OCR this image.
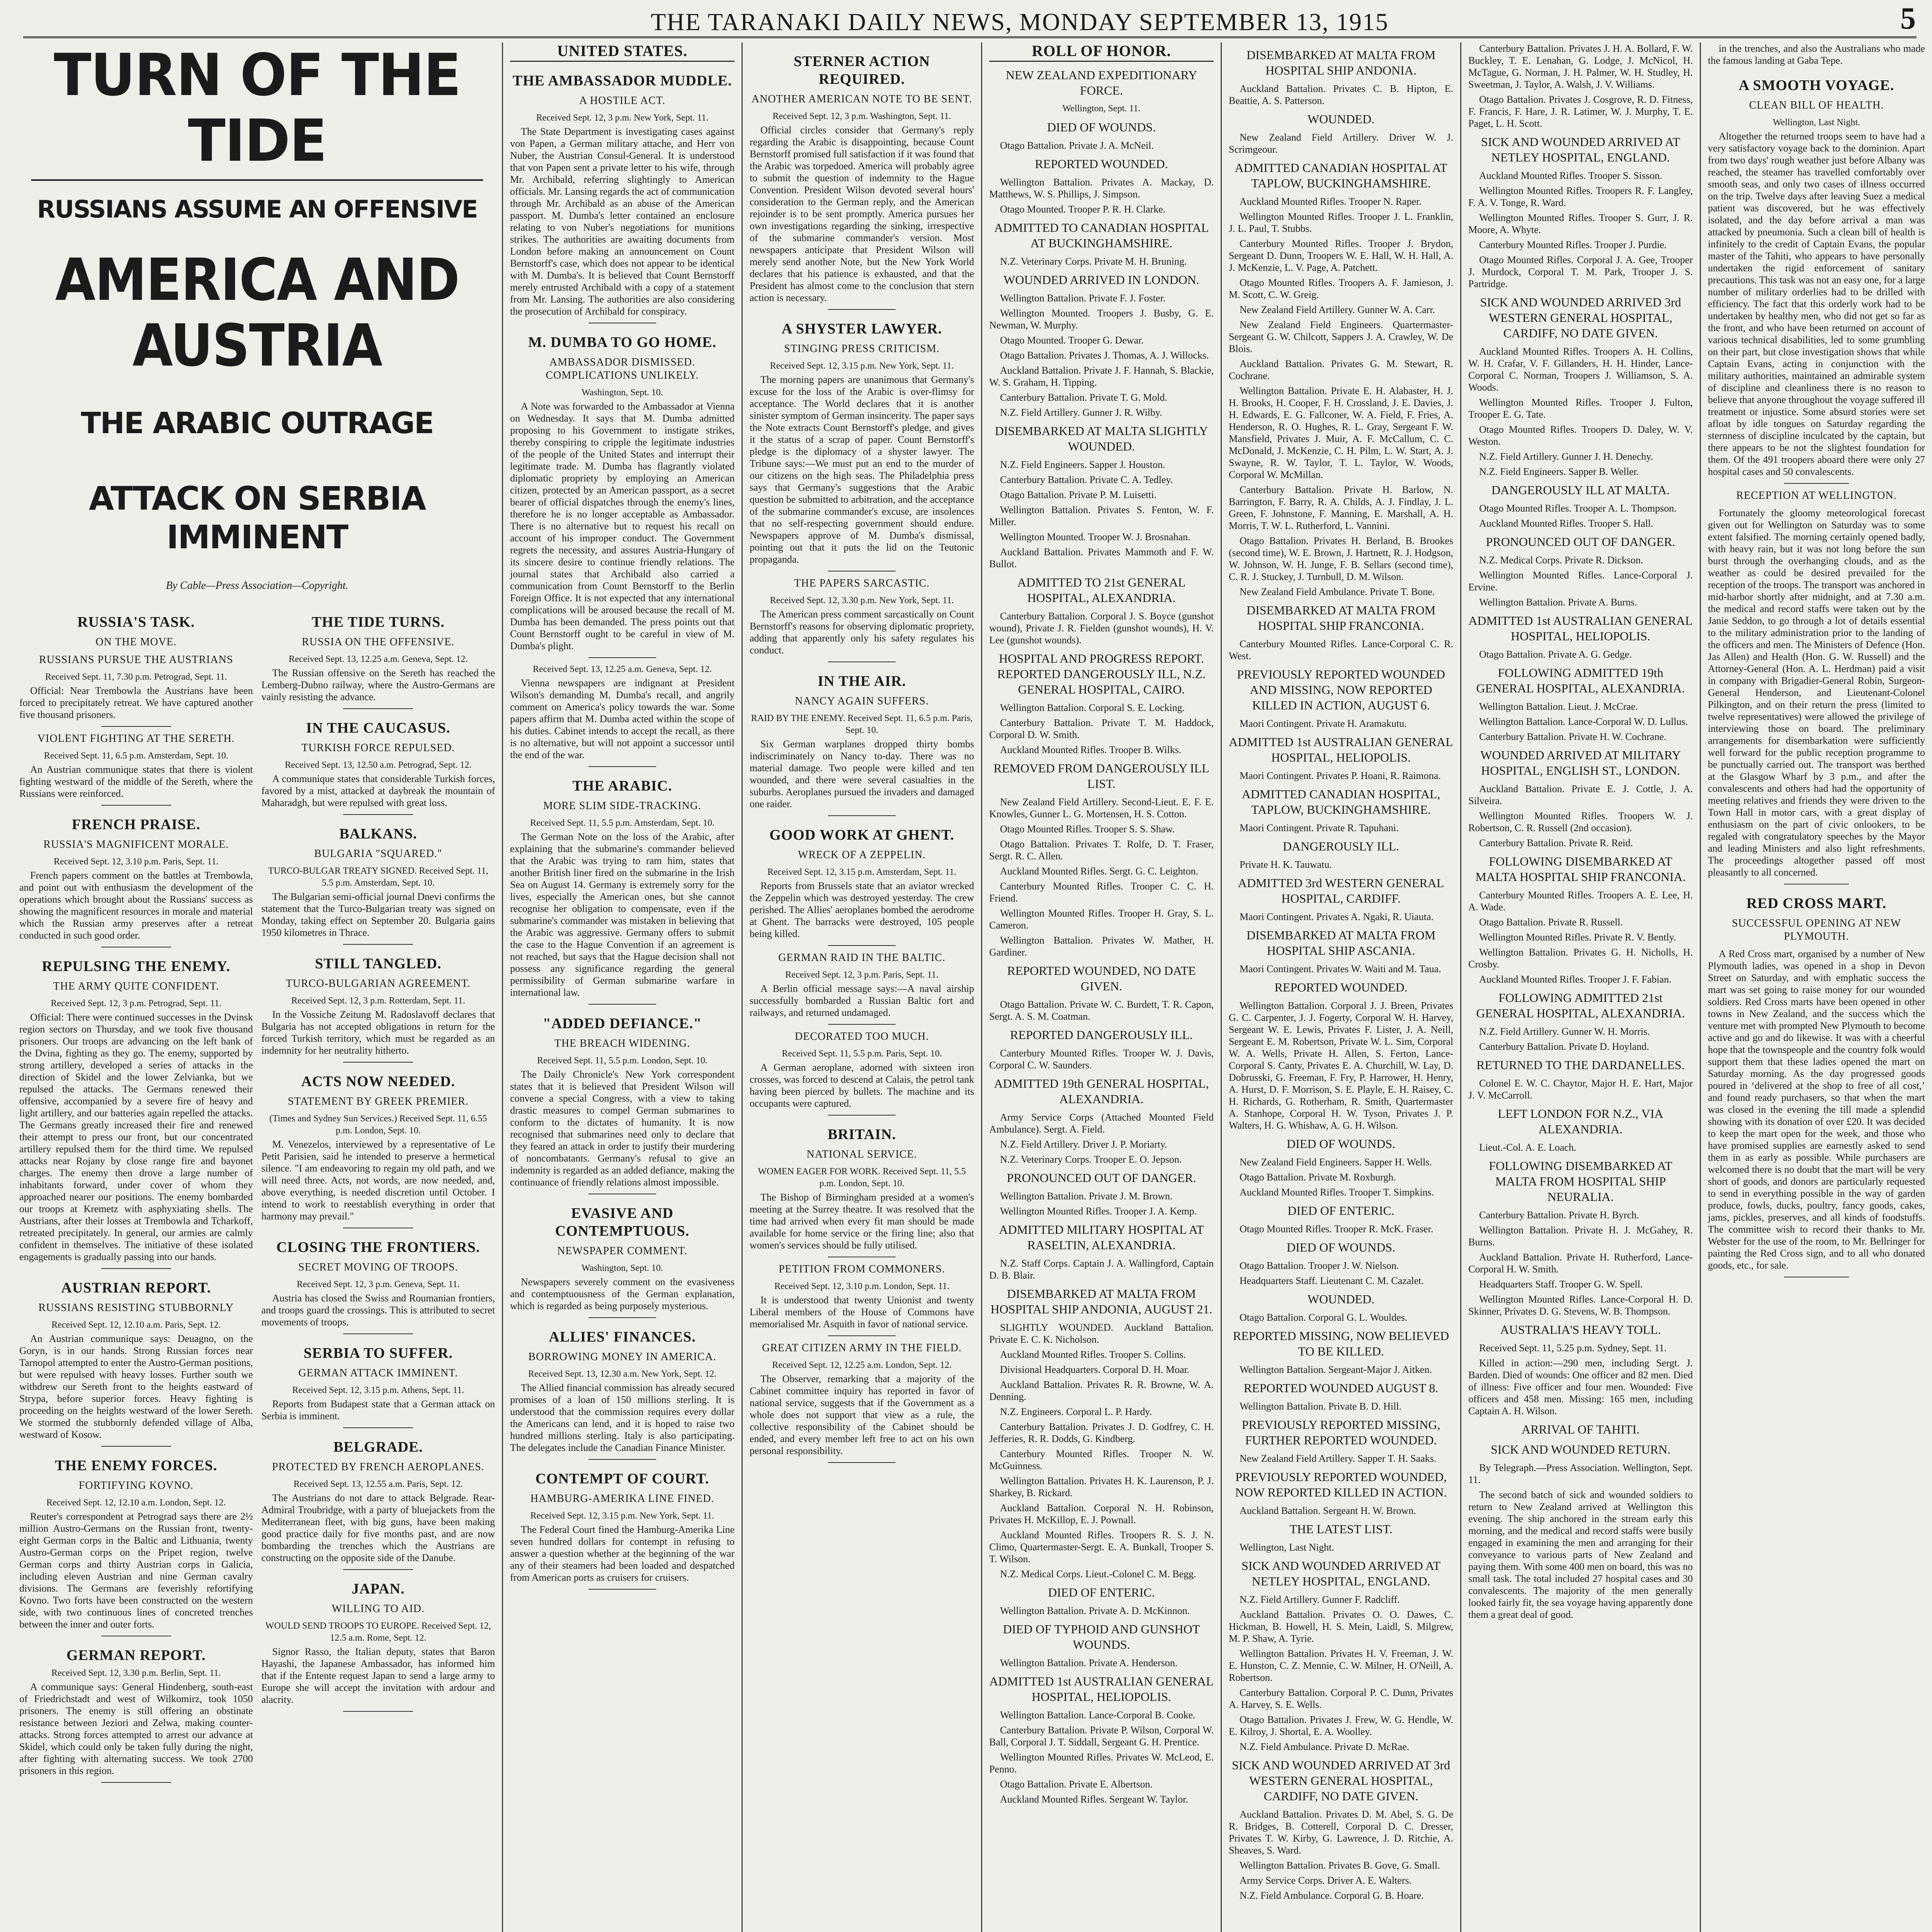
THE TARANAKI DAILY NEWS, MONDAY SEPTEMBER 13, 1915	5
TURN OF THE TIDE
RUSSIANS ASSUME AN OFFENSIVE
AMERICA AND AUSTRIA
THE ARABIC OUTRAGE
ATTACK ON SERBIA IMMINENT
By Cable—Press Association—Copyright.
RUSSIA'S TASK.
ON THE MOVE.
RUSSIANS PURSUE THE AUSTRIANS
Received Sept. 11, 7.30 p.m. Petrograd, Sept. 11.

Official: Near Trembowla the Austrians have been forced to precipitately retreat. We have captured another five thousand prisoners.

VIOLENT FIGHTING AT THE SERETH.
Received Sept. 11, 6.5 p.m. Amsterdam, Sept. 10.

An Austrian communique states that there is violent fighting westward of the middle of the Sereth, where the Russians were reinforced.

FRENCH PRAISE.
RUSSIA'S MAGNIFICENT MORALE.
Received Sept. 12, 3.10 p.m. Paris, Sept. 11.

French papers comment on the battles at Trembowla, and point out with enthusiasm the development of the operations which brought about the Russians' success as showing the magnificent resources in morale and material which the Russian army preserves after a retreat conducted in such good order.

REPULSING THE ENEMY.
THE ARMY QUITE CONFIDENT.
Received Sept. 12, 3 p.m. Petrograd, Sept. 11.

Official: There were continued successes in the Dvinsk region sectors on Thursday, and we took five thousand prisoners. Our troops are advancing on the left bank of the Dvina, fighting as they go. The enemy, supported by strong artillery, developed a series of attacks in the direction of Skidel and the lower Zelvianka, but we repulsed the attacks. The Germans renewed their offensive, accompanied by a severe fire of heavy and light artillery, and our batteries again repelled the attacks. The Germans greatly increased their fire and renewed their attempt to press our front, but our concentrated artillery repulsed them for the third time. We repulsed attacks near Rojany by close range fire and bayonet charges. The enemy then drove a large number of inhabitants forward, under cover of whom they approached nearer our positions. The enemy bombarded our troops at Kremetz with asphyxiating shells. The Austrians, after their losses at Trembowla and Tcharkoff, retreated precipitately. In general, our armies are calmly confident in themselves. The initiative of these isolated engagements is gradually passing into our hands.

AUSTRIAN REPORT.
RUSSIANS RESISTING STUBBORNLY
Received Sept. 12, 12.10 a.m. Paris, Sept. 12.

An Austrian communique says: Deuagno, on the Goryn, is in our hands. Strong Russian forces near Tarnopol attempted to enter the Austro-German positions, but were repulsed with heavy losses. Further south we withdrew our Sereth front to the heights eastward of Strypa, before superior forces. Heavy fighting is proceeding on the heights westward of the lower Sereth. We stormed the stubbornly defended village of Alba, westward of Kosow.

THE ENEMY FORCES.
FORTIFYING KOVNO.
Received Sept. 12, 12.10 a.m. London, Sept. 12.

Reuter's correspondent at Petrograd says there are 2½ million Austro-Germans on the Russian front, twenty-eight German corps in the Baltic and Lithuania, twenty Austro-German corps on the Pripet region, twelve German corps and thirty Austrian corps in Galicia, including eleven Austrian and nine German cavalry divisions. The Germans are feverishly refortifying Kovno. Two forts have been constructed on the western side, with two continuous lines of concreted trenches between the inner and outer forts.

GERMAN REPORT.
Received Sept. 12, 3.30 p.m. Berlin, Sept. 11.

A communique says: General Hindenberg, south-east of Friedrichstadt and west of Wilkomirz, took 1050 prisoners. The enemy is still offering an obstinate resistance between Jeziori and Zelwa, making counter-attacks. Strong forces attempted to arrest our advance at Skidel, which could only be taken fully during the night, after fighting with alternating success. We took 2700 prisoners in this region.

THE TIDE TURNS.
RUSSIA ON THE OFFENSIVE.
Received Sept. 13, 12.25 a.m. Geneva, Sept. 12.

The Russian offensive on the Sereth has reached the Lemberg-Dubno railway, where the Austro-Germans are vainly resisting the advance.

IN THE CAUCASUS.
TURKISH FORCE REPULSED.
Received Sept. 13, 12.50 a.m. Petrograd, Sept. 12.

A communique states that considerable Turkish forces, favored by a mist, attacked at daybreak the mountain of Maharadgh, but were repulsed with great loss.

BALKANS.
BULGARIA "SQUARED."
TURCO-BULGAR TREATY SIGNED. Received Sept. 11, 5.5 p.m. Amsterdam, Sept. 10.

The Bulgarian semi-official journal Dnevi confirms the statement that the Turco-Bulgarian treaty was signed on Monday, taking effect on September 20. Bulgaria gains 1950 kilometres in Thrace.

STILL TANGLED.
TURCO-BULGARIAN AGREEMENT.
Received Sept. 12, 3 p.m. Rotterdam, Sept. 11.

In the Vossiche Zeitung M. Radoslavoff declares that Bulgaria has not accepted obligations in return for the forced Turkish territory, which must be regarded as an indemnity for her neutrality hitherto.

ACTS NOW NEEDED.
STATEMENT BY GREEK PREMIER.
(Times and Sydney Sun Services.) Received Sept. 11, 6.55 p.m. London, Sept. 10.

M. Venezelos, interviewed by a representative of Le Petit Parisien, said he intended to preserve a hermetical silence. "I am endeavoring to regain my old path, and we will need three. Acts, not words, are now needed, and, above everything, is needed discretion until October. I intend to work to reestablish everything in order that harmony may prevail."

CLOSING THE FRONTIERS.
SECRET MOVING OF TROOPS.
Received Sept. 12, 3 p.m. Geneva, Sept. 11.

Austria has closed the Swiss and Roumanian frontiers, and troops guard the crossings. This is attributed to secret movements of troops.

SERBIA TO SUFFER.
GERMAN ATTACK IMMINENT.
Received Sept. 12, 3.15 p.m. Athens, Sept. 11.

Reports from Budapest state that a German attack on Serbia is imminent.

BELGRADE.
PROTECTED BY FRENCH AEROPLANES.
Received Sept. 13, 12.55 a.m. Paris, Sept. 12.

The Austrians do not dare to attack Belgrade. Rear-Admiral Troubridge, with a party of bluejackets from the Mediterranean fleet, with big guns, have been making good practice daily for five months past, and are now bombarding the trenches which the Austrians are constructing on the opposite side of the Danube.

JAPAN.
WILLING TO AID.
WOULD SEND TROOPS TO EUROPE. Received Sept. 12, 12.5 a.m. Rome, Sept. 12.

Signor Rasso, the Italian deputy, states that Baron Hayashi, the Japanese Ambassador, has informed him that if the Entente request Japan to send a large army to Europe she will accept the invitation with ardour and alacrity.

UNITED STATES.
THE AMBASSADOR MUDDLE.
A HOSTILE ACT.
Received Sept. 12, 3 p.m. New York, Sept. 11.

The State Department is investigating cases against von Papen, a German military attache, and Herr von Nuber, the Austrian Consul-General. It is understood that von Papen sent a private letter to his wife, through Mr. Archibald, referring slightingly to American officials. Mr. Lansing regards the act of communication through Mr. Archibald as an abuse of the American passport. M. Dumba's letter contained an enclosure relating to von Nuber's negotiations for munitions strikes. The authorities are awaiting documents from London before making an announcement on Count Bernstorff's case, which does not appear to be identical with M. Dumba's. It is believed that Count Bernstorff merely entrusted Archibald with a copy of a statement from Mr. Lansing. The authorities are also considering the prosecution of Archibald for conspiracy.

M. DUMBA TO GO HOME.
AMBASSADOR DISMISSED. COMPLICATIONS UNLIKELY.
Washington, Sept. 10.

A Note was forwarded to the Ambassador at Vienna on Wednesday. It says that M. Dumba admitted proposing to his Government to instigate strikes, thereby conspiring to cripple the legitimate industries of the people of the United States and interrupt their legitimate trade. M. Dumba has flagrantly violated diplomatic propriety by employing an American citizen, protected by an American passport, as a secret bearer of official dispatches through the enemy's lines, therefore he is no longer acceptable as Ambassador. There is no alternative but to request his recall on account of his improper conduct. The Government regrets the necessity, and assures Austria-Hungary of its sincere desire to continue friendly relations. The journal states that Archibald also carried a communication from Count Bernstorff to the Berlin Foreign Office. It is not expected that any international complications will be aroused because the recall of M. Dumba has been demanded. The press points out that Count Bernstorff ought to be careful in view of M. Dumba's plight.

Received Sept. 13, 12.25 a.m. Geneva, Sept. 12.

Vienna newspapers are indignant at President Wilson's demanding M. Dumba's recall, and angrily comment on America's policy towards the war. Some papers affirm that M. Dumba acted within the scope of his duties. Cabinet intends to accept the recall, as there is no alternative, but will not appoint a successor until the end of the war.

THE ARABIC.
MORE SLIM SIDE-TRACKING.
Received Sept. 11, 5.5 p.m. Amsterdam, Sept. 10.

The German Note on the loss of the Arabic, after explaining that the submarine's commander believed that the Arabic was trying to ram him, states that another British liner fired on the submarine in the Irish Sea on August 14. Germany is extremely sorry for the lives, especially the American ones, but she cannot recognise her obligation to compensate, even if the submarine's commander was mistaken in believing that the Arabic was aggressive. Germany offers to submit the case to the Hague Convention if an agreement is not reached, but says that the Hague decision shall not possess any significance regarding the general permissibility of German submarine warfare in international law.

"ADDED DEFIANCE."
THE BREACH WIDENING.
Received Sept. 11, 5.5 p.m. London, Sept. 10.

The Daily Chronicle's New York correspondent states that it is believed that President Wilson will convene a special Congress, with a view to taking drastic measures to compel German submarines to conform to the dictates of humanity. It is now recognised that submarines need only to declare that they feared an attack in order to justify their murdering of noncombatants. Germany's refusal to give an indemnity is regarded as an added defiance, making the continuance of friendly relations almost impossible.

EVASIVE AND CONTEMPTUOUS.
NEWSPAPER COMMENT.
Washington, Sept. 10.

Newspapers severely comment on the evasiveness and contemptuousness of the German explanation, which is regarded as being purposely mysterious.

ALLIES' FINANCES.
BORROWING MONEY IN AMERICA.
Received Sept. 13, 12.30 a.m. New York, Sept. 12.

The Allied financial commission has already secured promises of a loan of 150 millions sterling. It is understood that the commission requires every dollar the Americans can lend, and it is hoped to raise two hundred millions sterling. Italy is also participating. The delegates include the Canadian Finance Minister.

CONTEMPT OF COURT.
HAMBURG-AMERIKA LINE FINED.
Received Sept. 12, 3.15 p.m. New York, Sept. 11.

The Federal Court fined the Hamburg-Amerika Line seven hundred dollars for contempt in refusing to answer a question whether at the beginning of the war any of their steamers had been loaded and despatched from American ports as cruisers for cruisers.

STERNER ACTION REQUIRED.
ANOTHER AMERICAN NOTE TO BE SENT.
Received Sept. 12, 3 p.m. Washington, Sept. 11.

Official circles consider that Germany's reply regarding the Arabic is disappointing, because Count Bernstorff promised full satisfaction if it was found that the Arabic was torpedoed. America will probably agree to submit the question of indemnity to the Hague Convention. President Wilson devoted several hours' consideration to the German reply, and the American rejoinder is to be sent promptly. America pursues her own investigations regarding the sinking, irrespective of the submarine commander's version. Most newspapers anticipate that President Wilson will merely send another Note, but the New York World declares that his patience is exhausted, and that the President has almost come to the conclusion that stern action is necessary.

A SHYSTER LAWYER.
STINGING PRESS CRITICISM.
Received Sept. 12, 3.15 p.m. New York, Sept. 11.

The morning papers are unanimous that Germany's excuse for the loss of the Arabic is over-flimsy for acceptance. The World declares that it is another sinister symptom of German insincerity. The paper says the Note extracts Count Bernstorff's pledge, and gives it the status of a scrap of paper. Count Bernstorff's pledge is the diplomacy of a shyster lawyer. The Tribune says:—We must put an end to the murder of our citizens on the high seas. The Philadelphia press says that Germany's suggestions that the Arabic question be submitted to arbitration, and the acceptance of the submarine commander's excuse, are insolences that no self-respecting government should endure. Newspapers approve of M. Dumba's dismissal, pointing out that it puts the lid on the Teutonic propaganda.

THE PAPERS SARCASTIC.
Received Sept. 12, 3.30 p.m. New York, Sept. 11.

The American press comment sarcastically on Count Bernstorff's reasons for observing diplomatic propriety, adding that apparently only his safety regulates his conduct.

IN THE AIR.
NANCY AGAIN SUFFERS.
RAID BY THE ENEMY. Received Sept. 11, 6.5 p.m. Paris, Sept. 10.

Six German warplanes dropped thirty bombs indiscriminately on Nancy to-day. There was no material damage. Two people were killed and ten wounded, and there were several casualties in the suburbs. Aeroplanes pursued the invaders and damaged one raider.

GOOD WORK AT GHENT.
WRECK OF A ZEPPELIN.
Received Sept. 12, 3.15 p.m. Amsterdam, Sept. 11.

Reports from Brussels state that an aviator wrecked the Zeppelin which was destroyed yesterday. The crew perished. The Allies' aeroplanes bombed the aerodrome at Ghent. The barracks were destroyed, 105 people being killed.

GERMAN RAID IN THE BALTIC.
Received Sept. 12, 3 p.m. Paris, Sept. 11.

A Berlin official message says:—A naval airship successfully bombarded a Russian Baltic fort and railways, and returned undamaged.

DECORATED TOO MUCH.
Received Sept. 11, 5.5 p.m. Paris, Sept. 10.

A German aeroplane, adorned with sixteen iron crosses, was forced to descend at Calais, the petrol tank having been pierced by bullets. The machine and its occupants were captured.

BRITAIN.
NATIONAL SERVICE.
WOMEN EAGER FOR WORK. Received Sept. 11, 5.5 p.m. London, Sept. 10.

The Bishop of Birmingham presided at a women's meeting at the Surrey theatre. It was resolved that the time had arrived when every fit man should be made available for home service or the firing line; also that women's services should be fully utilised.

PETITION FROM COMMONERS.
Received Sept. 12, 3.10 p.m. London, Sept. 11.

It is understood that twenty Unionist and twenty Liberal members of the House of Commons have memorialised Mr. Asquith in favor of national service.

GREAT CITIZEN ARMY IN THE FIELD.
Received Sept. 12, 12.25 a.m. London, Sept. 12.

The Observer, remarking that a majority of the Cabinet committee inquiry has reported in favor of national service, suggests that if the Government as a whole does not support that view as a rule, the collective responsibility of the Cabinet should be ended, and every member left free to act on his own personal responsibility.

ROLL OF HONOR.
NEW ZEALAND EXPEDITIONARY FORCE.
Wellington, Sept. 11.
DIED OF WOUNDS.

Otago Battalion. Private J. A. McNeil.

REPORTED WOUNDED.

Wellington Battalion. Privates A. Mackay, D. Matthews, W. S. Phillips, J. Simpson.

Otago Mounted. Trooper P. R. H. Clarke.

ADMITTED TO CANADIAN HOSPITAL AT BUCKINGHAMSHIRE.

N.Z. Veterinary Corps. Private M. H. Bruning.

WOUNDED ARRIVED IN LONDON.

Wellington Battalion. Private F. J. Foster.

Wellington Mounted. Troopers J. Busby, G. E. Newman, W. Murphy.

Otago Mounted. Trooper G. Dewar.

Otago Battalion. Privates J. Thomas, A. J. Willocks.

Auckland Battalion. Private J. F. Hannah, S. Blackie, W. S. Graham, H. Tipping.

Canterbury Battalion. Private T. G. Mold.

N.Z. Field Artillery. Gunner J. R. Wilby.

DISEMBARKED AT MALTA SLIGHTLY WOUNDED.

N.Z. Field Engineers. Sapper J. Houston.

Canterbury Battalion. Private C. A. Tedley.

Otago Battalion. Private P. M. Luisetti.

Wellington Battalion. Privates S. Fenton, W. F. Miller.

Wellington Mounted. Trooper W. J. Brosnahan.

Auckland Battalion. Privates Mammoth and F. W. Bullot.

ADMITTED TO 21st GENERAL HOSPITAL, ALEXANDRIA.

Canterbury Battalion. Corporal J. S. Boyce (gunshot wound), Private J. R. Fielden (gunshot wounds), H. V. Lee (gunshot wounds).

HOSPITAL AND PROGRESS REPORT. REPORTED DANGEROUSLY ILL, N.Z. GENERAL HOSPITAL, CAIRO.

Wellington Battalion. Corporal S. E. Locking.

Canterbury Battalion. Private T. M. Haddock, Corporal D. W. Smith.

Auckland Mounted Rifles. Trooper B. Wilks.

REMOVED FROM DANGEROUSLY ILL LIST.

New Zealand Field Artillery. Second-Lieut. E. F. E. Knowles, Gunner L. G. Mortensen, H. S. Cotton.

Otago Mounted Rifles. Trooper S. S. Shaw.

Otago Battalion. Privates T. Rolfe, D. T. Fraser, Sergt. R. C. Allen.

Auckland Mounted Rifles. Sergt. G. C. Leighton.

Canterbury Mounted Rifles. Trooper C. C. H. Friend.

Wellington Mounted Rifles. Trooper H. Gray, S. L. Cameron.

Wellington Battalion. Privates W. Mather, H. Gardiner.

REPORTED WOUNDED, NO DATE GIVEN.

Otago Battalion. Private W. C. Burdett, T. R. Capon, Sergt. A. S. M. Coatman.

REPORTED DANGEROUSLY ILL.

Canterbury Mounted Rifles. Trooper W. J. Davis, Corporal C. W. Saunders.

ADMITTED 19th GENERAL HOSPITAL, ALEXANDRIA.

Army Service Corps (Attached Mounted Field Ambulance). Sergt. A. Field.

N.Z. Field Artillery. Driver J. P. Moriarty.

N.Z. Veterinary Corps. Trooper E. O. Jepson.

PRONOUNCED OUT OF DANGER.

Wellington Battalion. Private J. M. Brown.

Wellington Mounted Rifles. Trooper J. A. Kemp.

ADMITTED MILITARY HOSPITAL AT RASELTIN, ALEXANDRIA.

N.Z. Staff Corps. Captain J. A. Wallingford, Captain D. B. Blair.

DISEMBARKED AT MALTA FROM HOSPITAL SHIP ANDONIA, AUGUST 21.

SLIGHTLY WOUNDED. Auckland Battalion. Private E. C. K. Nicholson.

Auckland Mounted Rifles. Trooper S. Collins.

Divisional Headquarters. Corporal D. H. Moar.

Auckland Battalion. Privates R. R. Browne, W. A. Denning.

N.Z. Engineers. Corporal L. P. Hardy.

Canterbury Battalion. Privates J. D. Godfrey, C. H. Jefferies, R. R. Dodds, G. Kindberg.

Canterbury Mounted Rifles. Trooper N. W. McGuinness.

Wellington Battalion. Privates H. K. Laurenson, P. J. Sharkey, B. Rickard.

Auckland Battalion. Corporal N. H. Robinson, Privates H. McKillop, E. J. Pownall.

Auckland Mounted Rifles. Troopers R. S. J. N. Climo, Quartermaster-Sergt. E. A. Bunkall, Trooper S. T. Wilson.

N.Z. Medical Corps. Lieut.-Colonel C. M. Begg.

DIED OF ENTERIC.

Wellington Battalion. Private A. D. McKinnon.

DIED OF TYPHOID AND GUNSHOT WOUNDS.

Wellington Battalion. Private A. Henderson.

ADMITTED 1st AUSTRALIAN GENERAL HOSPITAL, HELIOPOLIS.

Wellington Battalion. Lance-Corporal B. Cooke.

Canterbury Battalion. Private P. Wilson, Corporal W. Ball, Corporal J. T. Siddall, Sergeant G. H. Prentice.

Wellington Mounted Rifles. Privates W. McLeod, E. Penno.

Otago Battalion. Private E. Albertson.

Auckland Mounted Rifles. Sergeant W. Taylor.

DISEMBARKED AT MALTA FROM HOSPITAL SHIP ANDONIA.

Auckland Battalion. Privates C. B. Hipton, E. Beattie, A. S. Patterson.

WOUNDED.

New Zealand Field Artillery. Driver W. J. Scrimgeour.

ADMITTED CANADIAN HOSPITAL AT TAPLOW, BUCKINGHAMSHIRE.

Auckland Mounted Rifles. Trooper N. Raper.

Wellington Mounted Rifles. Trooper J. L. Franklin, J. L. Paul, T. Stubbs.

Canterbury Mounted Rifles. Trooper J. Brydon, Sergeant D. Dunn, Troopers W. E. Hall, W. H. Hall, A. J. McKenzie, L. V. Page, A. Patchett.

Otago Mounted Rifles. Troopers A. F. Jamieson, J. M. Scott, C. W. Greig.

New Zealand Field Artillery. Gunner W. A. Carr.

New Zealand Field Engineers. Quartermaster-Sergeant G. W. Chilcott, Sappers J. A. Crawley, W. De Blois.

Auckland Battalion. Privates G. M. Stewart, R. Cochrane.

Wellington Battalion. Private E. H. Alabaster, H. J. H. Brooks, H. Cooper, F. H. Crossland, J. E. Davies, J. H. Edwards, E. G. Fallconer, W. A. Field, F. Fries, A. Henderson, R. O. Hughes, R. L. Gray, Sergeant F. W. Mansfield, Privates J. Muir, A. F. McCallum, C. C. McDonald, J. McKenzie, C. H. Pilm, L. W. Start, A. J. Swayne, R. W. Taylor, T. L. Taylor, W. Woods, Corporal W. McMillan.

Canterbury Battalion. Private H. Barlow, N. Barrington, F. Barry, R. A. Childs, A. J. Findlay, J. L. Green, F. Johnstone, F. Manning, E. Marshall, A. H. Morris, T. W. L. Rutherford, L. Vannini.

Otago Battalion. Privates H. Berland, B. Brookes (second time), W. E. Brown, J. Hartnett, R. J. Hodgson, W. Johnson, W. H. Junge, F. B. Sellars (second time), C. R. J. Stuckey, J. Turnbull, D. M. Wilson.

New Zealand Field Ambulance. Private T. Bone.

DISEMBARKED AT MALTA FROM HOSPITAL SHIP FRANCONIA.

Canterbury Mounted Rifles. Lance-Corporal C. R. West.

PREVIOUSLY REPORTED WOUNDED AND MISSING, NOW REPORTED KILLED IN ACTION, AUGUST 6.

Maori Contingent. Private H. Aramakutu.

ADMITTED 1st AUSTRALIAN GENERAL HOSPITAL, HELIOPOLIS.

Maori Contingent. Privates P. Hoani, R. Raimona.

ADMITTED CANADIAN HOSPITAL, TAPLOW, BUCKINGHAMSHIRE.

Maori Contingent. Private R. Tapuhani.

DANGEROUSLY ILL.

Private H. K. Tauwatu.

ADMITTED 3rd WESTERN GENERAL HOSPITAL, CARDIFF.

Maori Contingent. Privates A. Ngaki, R. Uiauta.

DISEMBARKED AT MALTA FROM HOSPITAL SHIP ASCANIA.

Maori Contingent. Privates W. Waiti and M. Taua.

REPORTED WOUNDED.

Wellington Battalion. Corporal J. J. Breen, Privates G. C. Carpenter, J. J. Fogerty, Corporal W. H. Harvey, Sergeant W. E. Lewis, Privates F. Lister, J. A. Neill, Sergeant E. M. Robertson, Private W. L. Sim, Corporal W. A. Wells, Private H. Allen, S. Ferton, Lance-Corporal S. Canty, Privates E. A. Churchill, W. Lay, D. Dobrusski, G. Freeman, F. Fry, P. Harrower, H. Henry, A. Hurst, D. F. Morrison, S. E. Playle, E. H. Raisey, C. H. Richards, G. Rotherham, R. Smith, Quartermaster A. Stanhope, Corporal H. W. Tyson, Privates J. P. Walters, H. G. Whishaw, A. G. H. Wilson.

DIED OF WOUNDS.

New Zealand Field Engineers. Sapper H. Wells.

Otago Battalion. Private M. Roxburgh.

Auckland Mounted Rifles. Trooper T. Simpkins.

DIED OF ENTERIC.

Otago Mounted Rifles. Trooper R. McK. Fraser.

DIED OF WOUNDS.

Otago Battalion. Trooper J. W. Nielson.

Headquarters Staff. Lieutenant C. M. Cazalet.

WOUNDED.

Otago Battalion. Corporal G. L. Wouldes.

REPORTED MISSING, NOW BELIEVED TO BE KILLED.

Wellington Battalion. Sergeant-Major J. Aitken.

REPORTED WOUNDED AUGUST 8.

Wellington Battalion. Private B. D. Hill.

PREVIOUSLY REPORTED MISSING, FURTHER REPORTED WOUNDED.

New Zealand Field Artillery. Sapper T. H. Saaks.

PREVIOUSLY REPORTED WOUNDED, NOW REPORTED KILLED IN ACTION.

Auckland Battalion. Sergeant H. W. Brown.

THE LATEST LIST.

Wellington, Last Night.

SICK AND WOUNDED ARRIVED AT NETLEY HOSPITAL, ENGLAND.

N.Z. Field Artillery. Gunner F. Radcliff.

Auckland Battalion. Privates O. O. Dawes, C. Hickman, B. Howell, H. S. Mein, Laidl, S. Milgrew, M. P. Shaw, A. Tyrie.

Wellington Battalion. Privates H. V. Freeman, J. W. E. Hunston, C. Z. Mennie, C. W. Milner, H. O'Neill, A. Robertson.

Canterbury Battalion. Corporal P. C. Dunn, Privates A. Harvey, S. E. Wells.

Otago Battalion. Privates J. Frew, W. G. Hendle, W. E. Kilroy, J. Shortal, E. A. Woolley.

N.Z. Field Ambulance. Private D. McRae.

SICK AND WOUNDED ARRIVED AT 3rd WESTERN GENERAL HOSPITAL, CARDIFF, NO DATE GIVEN.

Auckland Battalion. Privates D. M. Abel, S. G. De R. Bridges, B. Cotterell, Corporal D. C. Dresser, Privates T. W. Kirby, G. Lawrence, J. D. Ritchie, A. Sheaves, S. Ward.

Wellington Battalion. Privates B. Gove, G. Small.

Army Service Corps. Driver A. E. Walters.

N.Z. Field Ambulance. Corporal G. B. Hoare.

Canterbury Battalion. Privates J. H. A. Bollard, F. W. Buckley, T. E. Lenahan, G. Lodge, J. McNicol, H. McTague, G. Norman, J. H. Palmer, W. H. Studley, H. Sweetman, J. Taylor, A. Walsh, J. V. Williams.

Otago Battalion. Privates J. Cosgrove, R. D. Fitness, F. Francis, F. Hare, J. R. Latimer, W. J. Murphy, T. E. Paget, L. H. Scott.

SICK AND WOUNDED ARRIVED AT NETLEY HOSPITAL, ENGLAND.

Auckland Mounted Rifles. Trooper S. Sisson.

Wellington Mounted Rifles. Troopers R. F. Langley, F. A. V. Tonge, R. Ward.

Wellington Mounted Rifles. Trooper S. Gurr, J. R. Moore, A. Whyte.

Canterbury Mounted Rifles. Trooper J. Purdie.

Otago Mounted Rifles. Corporal J. A. Gee, Trooper J. Murdock, Corporal T. M. Park, Trooper J. S. Partridge.

SICK AND WOUNDED ARRIVED 3rd WESTERN GENERAL HOSPITAL, CARDIFF, NO DATE GIVEN.

Auckland Mounted Rifles. Troopers A. H. Collins, W. H. Crafar, V. F. Gillanders, H. H. Hinder, Lance-Corporal C. Norman, Troopers J. Williamson, S. A. Woods.

Wellington Mounted Rifles. Trooper J. Fulton, Trooper E. G. Tate.

Otago Mounted Rifles. Troopers D. Daley, W. V. Weston.

N.Z. Field Artillery. Gunner J. H. Denechy.

N.Z. Field Engineers. Sapper B. Weller.

DANGEROUSLY ILL AT MALTA.

Otago Mounted Rifles. Trooper A. L. Thompson.

Auckland Mounted Rifles. Trooper S. Hall.

PRONOUNCED OUT OF DANGER.

N.Z. Medical Corps. Private R. Dickson.

Wellington Mounted Rifles. Lance-Corporal J. Ervine.

Wellington Battalion. Private A. Burns.

ADMITTED 1st AUSTRALIAN GENERAL HOSPITAL, HELIOPOLIS.

Otago Battalion. Private A. G. Gedge.

FOLLOWING ADMITTED 19th GENERAL HOSPITAL, ALEXANDRIA.

Wellington Battalion. Lieut. J. McCrae.

Wellington Battalion. Lance-Corporal W. D. Lullus.

Canterbury Battalion. Private H. W. Cochrane.

WOUNDED ARRIVED AT MILITARY HOSPITAL, ENGLISH ST., LONDON.

Auckland Battalion. Private E. J. Cottle, J. A. Silveira.

Wellington Mounted Rifles. Troopers W. J. Robertson, C. R. Russell (2nd occasion).

Canterbury Battalion. Private R. Reid.

FOLLOWING DISEMBARKED AT MALTA HOSPITAL SHIP FRANCONIA.

Canterbury Mounted Rifles. Troopers A. E. Lee, H. A. Wade.

Otago Battalion. Private R. Russell.

Wellington Mounted Rifles. Private R. V. Bently.

Wellington Battalion. Privates G. H. Nicholls, H. Crosby.

Auckland Mounted Rifles. Trooper J. F. Fabian.

FOLLOWING ADMITTED 21st GENERAL HOSPITAL, ALEXANDRIA.

N.Z. Field Artillery. Gunner W. H. Morris.

Canterbury Battalion. Private D. Hoyland.

RETURNED TO THE DARDANELLES.

Colonel E. W. C. Chaytor, Major H. E. Hart, Major J. V. McCarroll.

LEFT LONDON FOR N.Z., VIA ALEXANDRIA.

Lieut.-Col. A. E. Loach.

FOLLOWING DISEMBARKED AT MALTA FROM HOSPITAL SHIP NEURALIA.

Canterbury Battalion. Private H. Byrch.

Wellington Battalion. Private H. J. McGahey, R. Burns.

Auckland Battalion. Private H. Rutherford, Lance-Corporal H. W. Smith.

Headquarters Staff. Trooper G. W. Spell.

Wellington Mounted Rifles. Lance-Corporal H. D. Skinner, Privates D. G. Stevens, W. B. Thompson.

AUSTRALIA'S HEAVY TOLL.

Received Sept. 11, 5.25 p.m. Sydney, Sept. 11.

Killed in action:—290 men, including Sergt. J. Barden. Died of wounds: One officer and 82 men. Died of illness: Five officer and four men. Wounded: Five officers and 458 men. Missing: 165 men, including Captain A. H. Wilson.

ARRIVAL OF TAHITI.
SICK AND WOUNDED RETURN.

By Telegraph.—Press Association. Wellington, Sept. 11.

The second batch of sick and wounded soldiers to return to New Zealand arrived at Wellington this evening. The ship anchored in the stream early this morning, and the medical and record staffs were busily engaged in examining the men and arranging for their conveyance to various parts of New Zealand and paying them. With some 400 men on board, this was no small task. The total included 27 hospital cases and 30 convalescents. The majority of the men generally looked fairly fit, the sea voyage having apparently done them a great deal of good.

in the trenches, and also the Australians who made the famous landing at Gaba Tepe.

A SMOOTH VOYAGE.
CLEAN BILL OF HEALTH.
Wellington, Last Night.

Altogether the returned troops seem to have had a very satisfactory voyage back to the dominion. Apart from two days' rough weather just before Albany was reached, the steamer has travelled comfortably over smooth seas, and only two cases of illness occurred on the trip. Twelve days after leaving Suez a medical patient was discovered, but he was effectively isolated, and the day before arrival a man was attacked by pneumonia. Such a clean bill of health is infinitely to the credit of Captain Evans, the popular master of the Tahiti, who appears to have personally undertaken the rigid enforcement of sanitary precautions. This task was not an easy one, for a large number of military orderlies had to be drilled with efficiency. The fact that this orderly work had to be undertaken by healthy men, who did not get so far as the front, and who have been returned on account of various technical disabilities, led to some grumbling on their part, but close investigation shows that while Captain Evans, acting in conjunction with the military authorities, maintained an admirable system of discipline and cleanliness there is no reason to believe that anyone throughout the voyage suffered ill treatment or injustice. Some absurd stories were set afloat by idle tongues on Saturday regarding the sternness of discipline inculcated by the captain, but there appears to be not the slightest foundation for them. Of the 491 troopers aboard there were only 27 hospital cases and 50 convalescents.

RECEPTION AT WELLINGTON.

Fortunately the gloomy meteorological forecast given out for Wellington on Saturday was to some extent falsified. The morning certainly opened badly, with heavy rain, but it was not long before the sun burst through the overhanging clouds, and as the weather as could be desired prevailed for the reception of the troops. The transport was anchored in mid-harbor shortly after midnight, and at 7.30 a.m. the medical and record staffs were taken out by the Janie Seddon, to go through a lot of details essential to the military administration prior to the landing of the officers and men. The Ministers of Defence (Hon. Jas Allen) and Health (Hon. G. W. Russell) and the Attorney-General (Hon. A. L. Herdman) paid a visit in company with Brigadier-General Robin, Surgeon-General Henderson, and Lieutenant-Colonel Pilkington, and on their return the press (limited to twelve representatives) were allowed the privilege of interviewing those on board. The preliminary arrangements for disembarkation were sufficiently well forward for the public reception programme to be punctually carried out. The transport was berthed at the Glasgow Wharf by 3 p.m., and after the convalescents and others had had the opportunity of meeting relatives and friends they were driven to the Town Hall in motor cars, with a great display of enthusiasm on the part of civic onlookers, to be regaled with congratulatory speeches by the Mayor and leading Ministers and also light refreshments. The proceedings altogether passed off most pleasantly to all concerned.

RED CROSS MART.
SUCCESSFUL OPENING AT NEW PLYMOUTH.

A Red Cross mart, organised by a number of New Plymouth ladies, was opened in a shop in Devon Street on Saturday, and with emphatic success the mart was set going to raise money for our wounded soldiers. Red Cross marts have been opened in other towns in New Zealand, and the success which the venture met with prompted New Plymouth to become active and go and do likewise. It was with a cheerful hope that the townspeople and the country folk would support them that these ladies opened the mart on Saturday morning. As the day progressed goods poured in ‘delivered at the shop to free of all cost,’ and found ready purchasers, so that when the mart was closed in the evening the till made a splendid showing with its donation of over £20. It was decided to keep the mart open for the week, and those who have promised supplies are earnestly asked to send them in as early as possible. While purchasers are welcomed there is no doubt that the mart will be very short of goods, and donors are particularly requested to send in everything possible in the way of garden produce, fowls, ducks, poultry, fancy goods, cakes, jams, pickles, preserves, and all kinds of foodstuffs. The committee wish to record their thanks to Mr. Webster for the use of the room, to Mr. Bellringer for painting the Red Cross sign, and to all who donated goods, etc., for sale.
